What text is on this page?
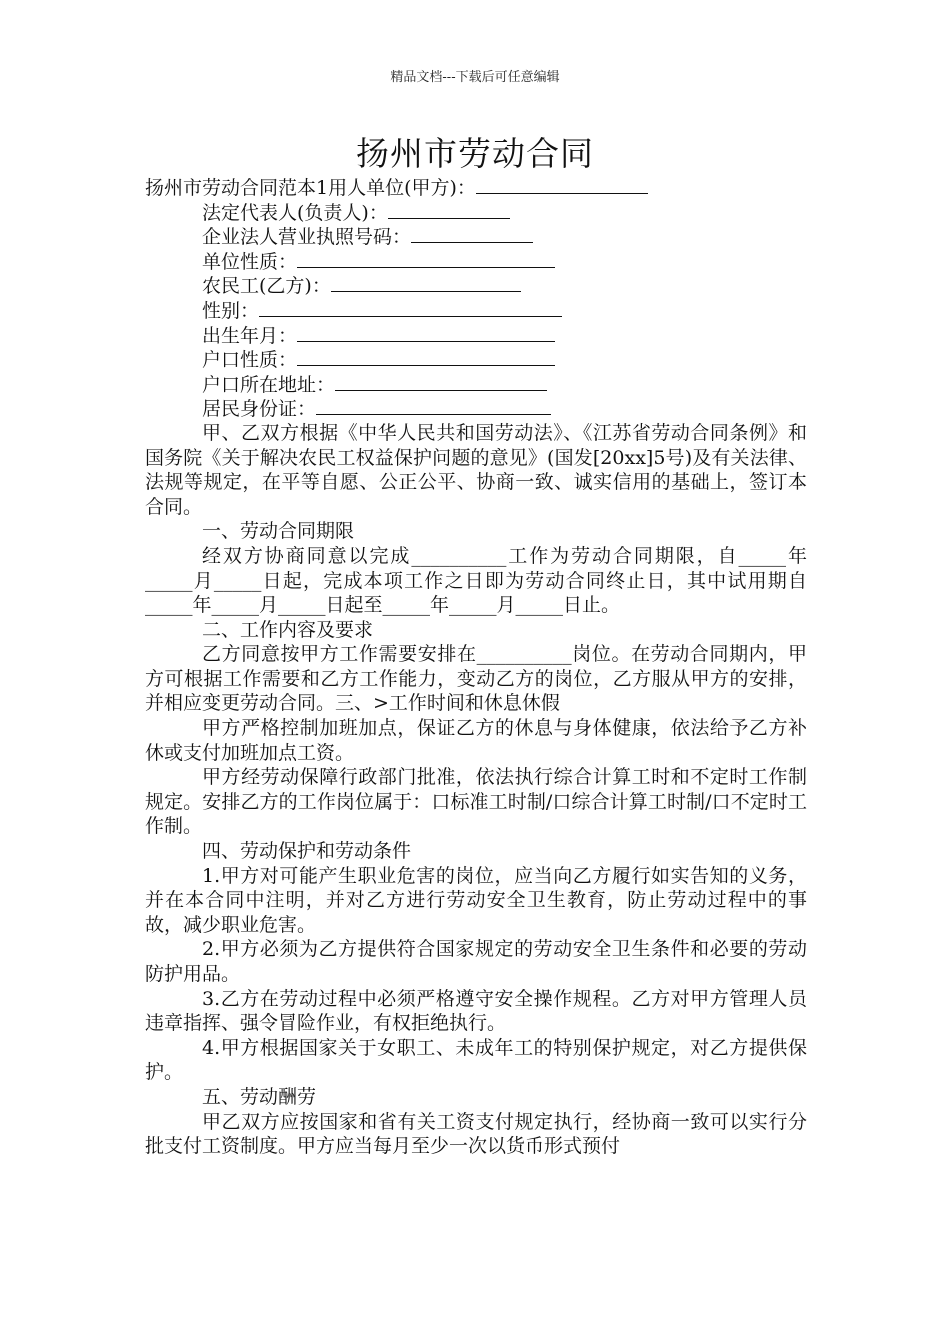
精品文档---下载后可任意编辑
扬州市劳动合同
扬州市劳动合同范本1用人单位(甲方)：
法定代表人(负责人)：
企业法人营业执照号码：
单位性质：
农民工(乙方)：
性别：
出生年月：
户口性质：
户口所在地址：
居民身份证：
甲、乙双方根据《中华人民共和国劳动法》、《江苏省劳动合同条例》和国务院《关于解决农民工权益保护问题的意见》(国发[20xx]5号)及有关法律、法规等规定，在平等自愿、公正公平、协商一致、诚实信用的基础上，签订本合同。
一、劳动合同期限
经双方协商同意以完成__________工作为劳动合同期限，自_____年_____月_____日起，完成本项工作之日即为劳动合同终止日，其中试用期自_____年_____月_____日起至_____年_____月_____日止。
二、工作内容及要求
乙方同意按甲方工作需要安排在__________岗位。在劳动合同期内，甲方可根据工作需要和乙方工作能力，变动乙方的岗位，乙方服从甲方的安排，并相应变更劳动合同。三、>工作时间和休息休假
甲方严格控制加班加点，保证乙方的休息与身体健康，依法给予乙方补休或支付加班加点工资。
甲方经劳动保障行政部门批准，依法执行综合计算工时和不定时工作制规定。安排乙方的工作岗位属于：口标准工时制/口综合计算工时制/口不定时工作制。
四、劳动保护和劳动条件
1.甲方对可能产生职业危害的岗位，应当向乙方履行如实告知的义务，并在本合同中注明，并对乙方进行劳动安全卫生教育，防止劳动过程中的事故，减少职业危害。
2.甲方必须为乙方提供符合国家规定的劳动安全卫生条件和必要的劳动防护用品。
3.乙方在劳动过程中必须严格遵守安全操作规程。乙方对甲方管理人员违章指挥、强令冒险作业，有权拒绝执行。
4.甲方根据国家关于女职工、未成年工的特别保护规定，对乙方提供保护。
五、劳动酬劳
甲乙双方应按国家和省有关工资支付规定执行，经协商一致可以实行分批支付工资制度。甲方应当每月至少一次以货币形式预付
